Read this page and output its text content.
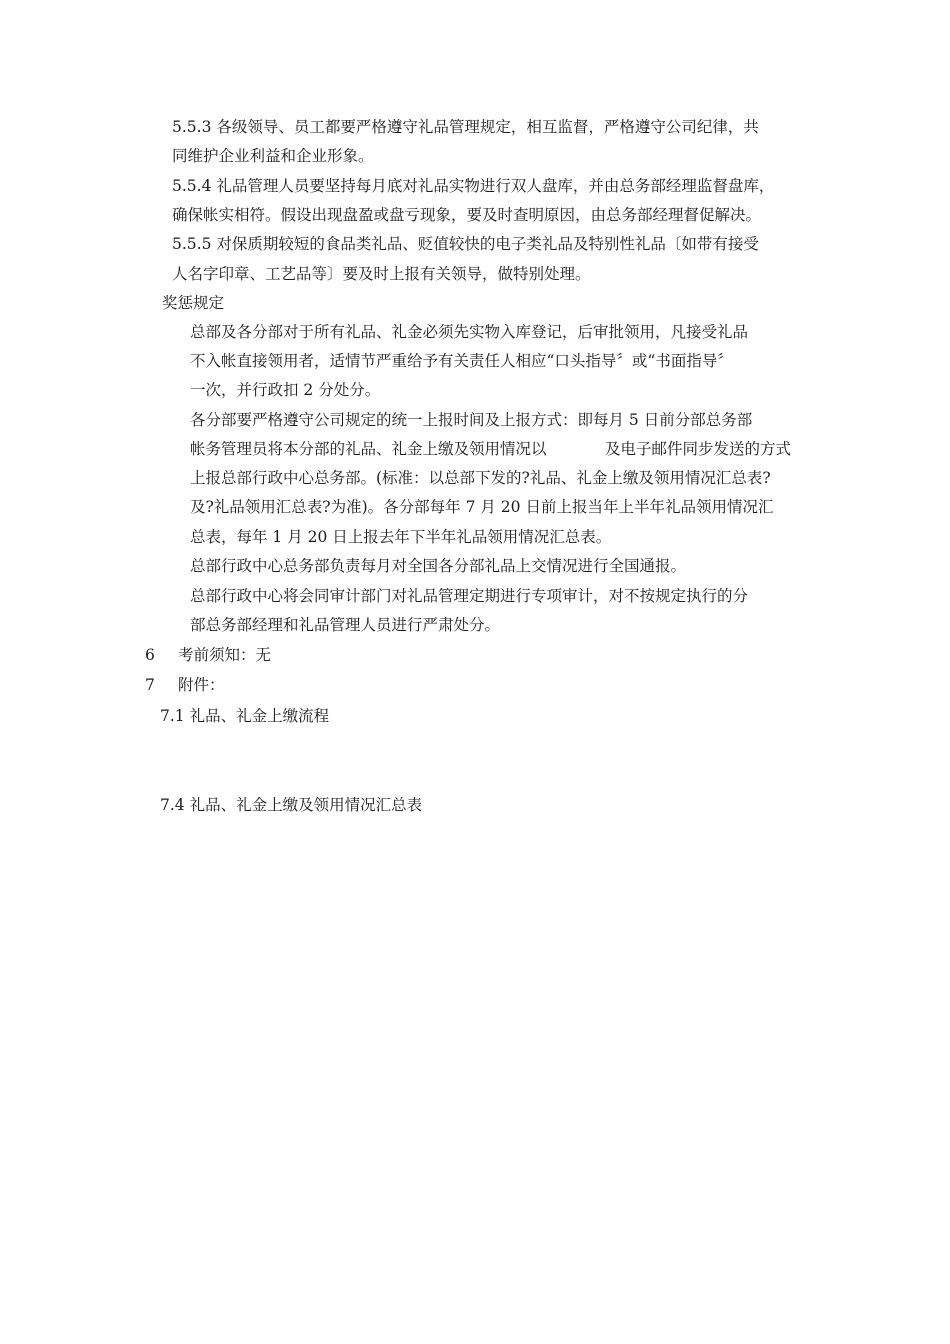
5.5.3 各级领导、员工都要严格遵守礼品管理规定，相互监督，严格遵守公司纪律，共
同维护企业利益和企业形象。
5.5.4 礼品管理人员要坚持每月底对礼品实物进行双人盘库，并由总务部经理监督盘库，
确保帐实相符。假设出现盘盈或盘亏现象，要及时查明原因，由总务部经理督促解决。
5.5.5 对保质期较短的食品类礼品、贬值较快的电子类礼品及特别性礼品〔如带有接受
人名字印章、工艺品等〕要及时上报有关领导，做特别处理。
奖惩规定
总部及各分部对于所有礼品、礼金必须先实物入库登记，后审批领用，凡接受礼品
不入帐直接领用者，适情节严重给予有关责任人相应“口头指导〞或“书面指导〞
一次，并行政扣 2 分处分。
各分部要严格遵守公司规定的统一上报时间及上报方式：即每月 5 日前分部总务部
帐务管理员将本分部的礼品、礼金上缴及领用情况以	及电子邮件同步发送的方式
上报总部行政中心总务部。(标准：以总部下发的?礼品、礼金上缴及领用情况汇总表?
及?礼品领用汇总表?为准)。各分部每年 7 月 20 日前上报当年上半年礼品领用情况汇
总表，每年 1 月 20 日上报去年下半年礼品领用情况汇总表。
总部行政中心总务部负责每月对全国各分部礼品上交情况进行全国通报。
总部行政中心将会同审计部门对礼品管理定期进行专项审计，对不按规定执行的分
部总务部经理和礼品管理人员进行严肃处分。
6 考前须知：无
7 附件：
7.1 礼品、礼金上缴流程
7.4 礼品、礼金上缴及领用情况汇总表
